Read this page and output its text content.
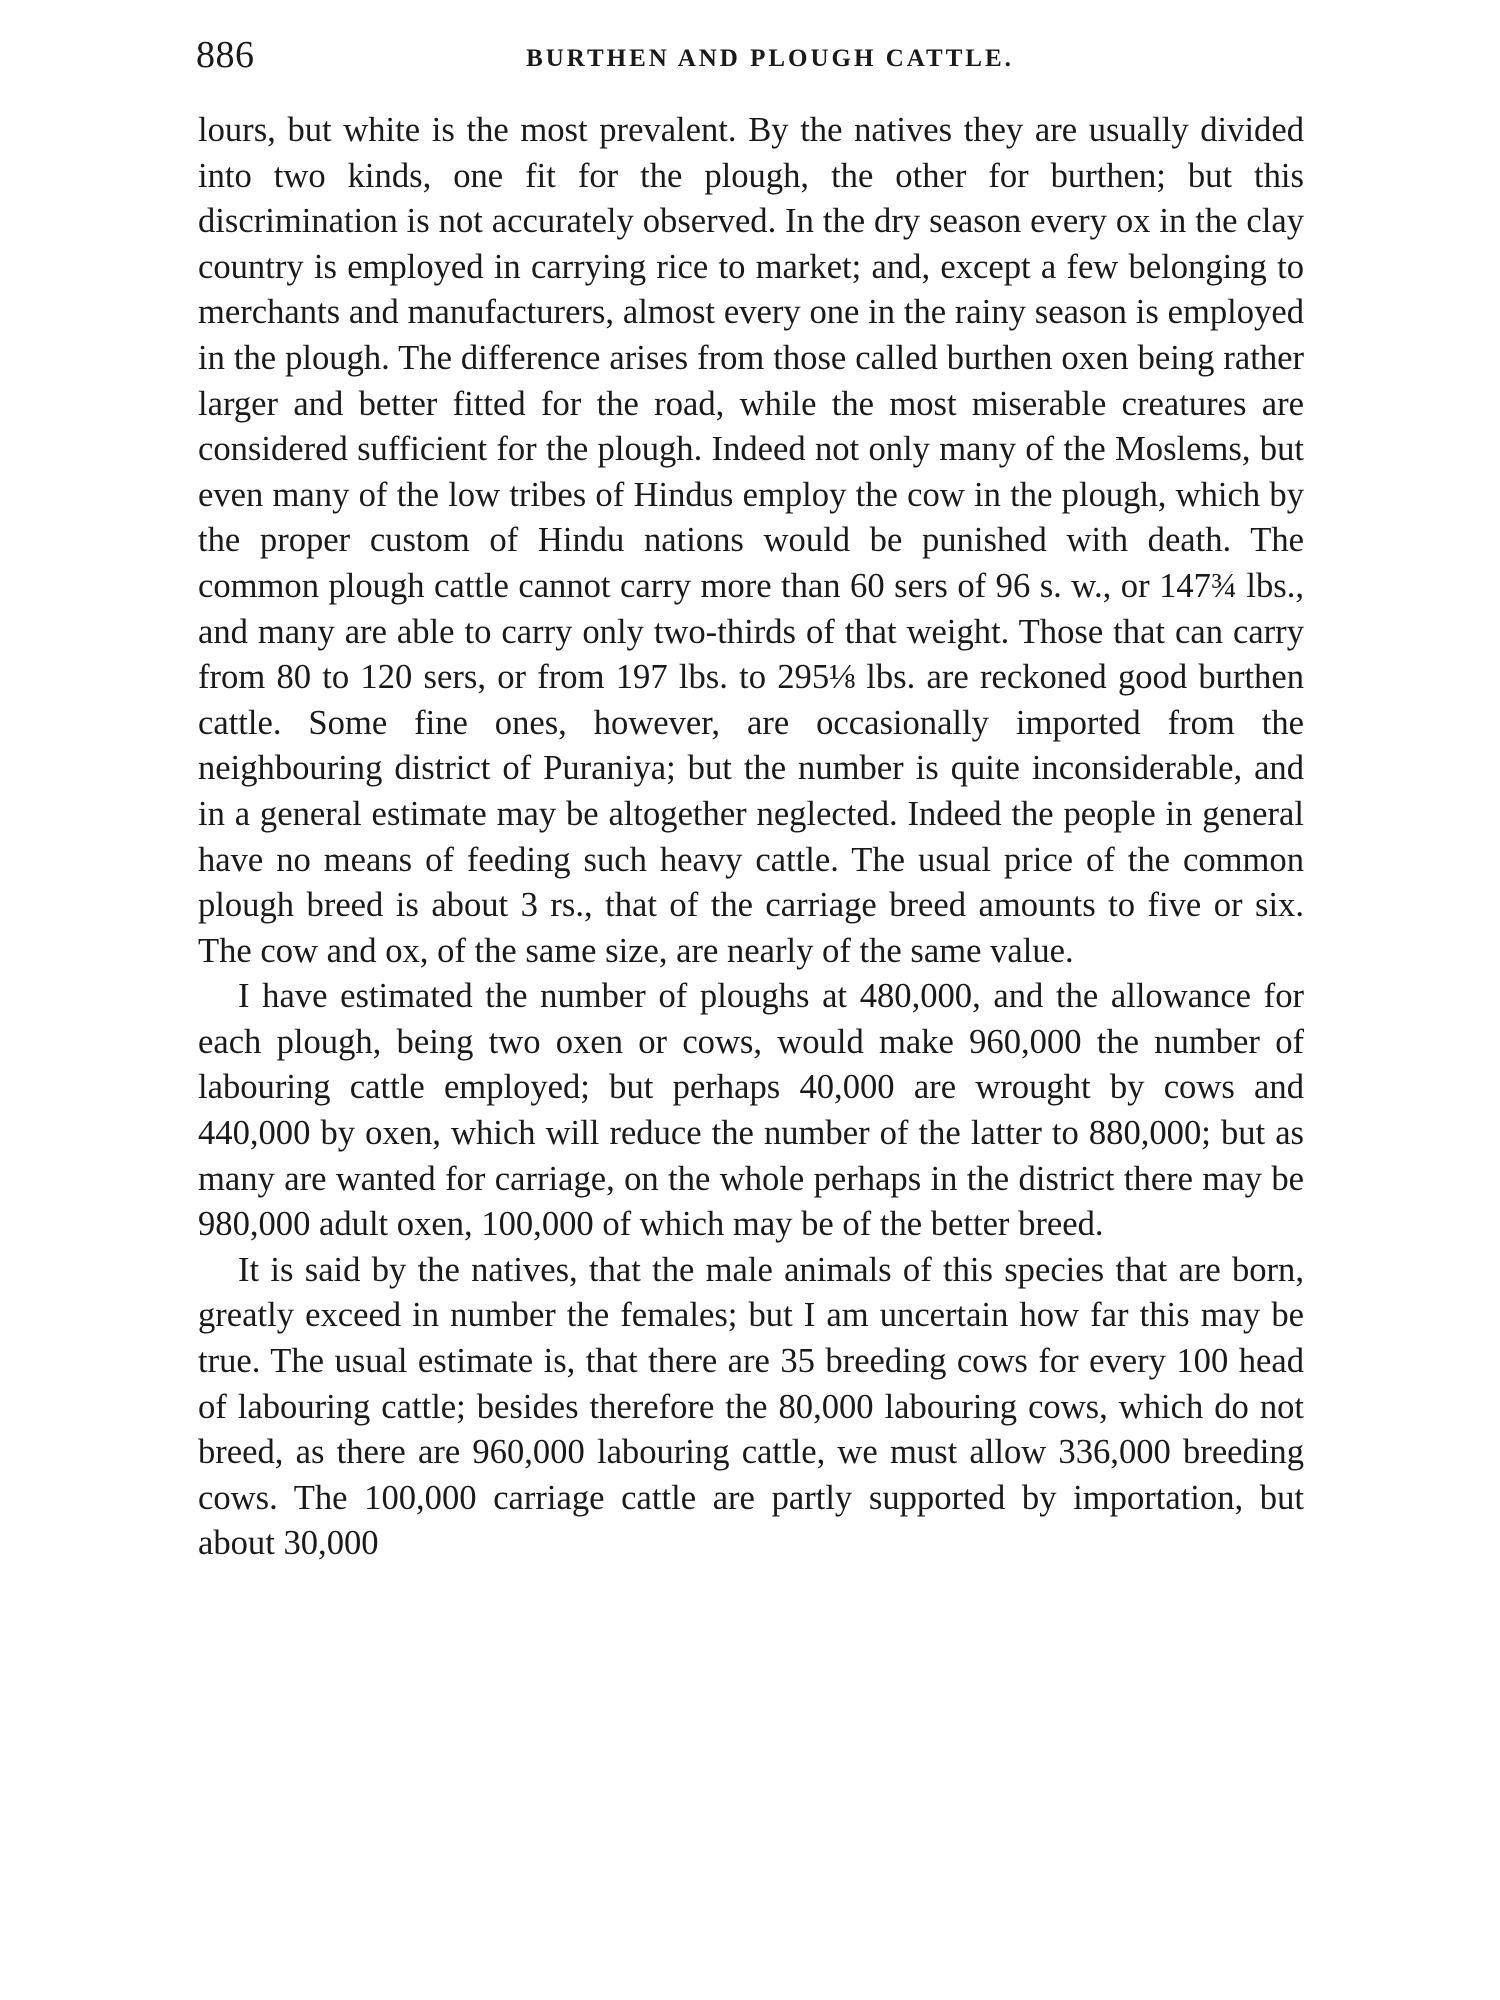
886	BURTHEN AND PLOUGH CATTLE.

lours, but white is the most prevalent. By the natives they are usually divided into two kinds, one fit for the plough, the other for burthen; but this discrimination is not accurately observed. In the dry season every ox in the clay country is employed in carrying rice to market; and, except a few belonging to merchants and manufacturers, almost every one in the rainy season is employed in the plough. The difference arises from those called burthen oxen being rather larger and better fitted for the road, while the most miserable creatures are considered sufficient for the plough. Indeed not only many of the Moslems, but even many of the low tribes of Hindus employ the cow in the plough, which by the proper custom of Hindu nations would be punished with death. The common plough cattle cannot carry more than 60 sers of 96 s. w., or 147¾ lbs., and many are able to carry only two-thirds of that weight. Those that can carry from 80 to 120 sers, or from 197 lbs. to 295⅛ lbs. are reckoned good burthen cattle. Some fine ones, however, are occasionally imported from the neighbouring district of Puraniya; but the number is quite inconsiderable, and in a general estimate may be altogether neglected. Indeed the people in general have no means of feeding such heavy cattle. The usual price of the common plough breed is about 3 rs., that of the carriage breed amounts to five or six. The cow and ox, of the same size, are nearly of the same value.

I have estimated the number of ploughs at 480,000, and the allowance for each plough, being two oxen or cows, would make 960,000 the number of labouring cattle employed; but perhaps 40,000 are wrought by cows and 440,000 by oxen, which will reduce the number of the latter to 880,000; but as many are wanted for carriage, on the whole perhaps in the district there may be 980,000 adult oxen, 100,000 of which may be of the better breed.

It is said by the natives, that the male animals of this species that are born, greatly exceed in number the females; but I am uncertain how far this may be true. The usual estimate is, that there are 35 breeding cows for every 100 head of labouring cattle; besides therefore the 80,000 labouring cows, which do not breed, as there are 960,000 labouring cattle, we must allow 336,000 breeding cows. The 100,000 carriage cattle are partly supported by importation, but about 30,000
